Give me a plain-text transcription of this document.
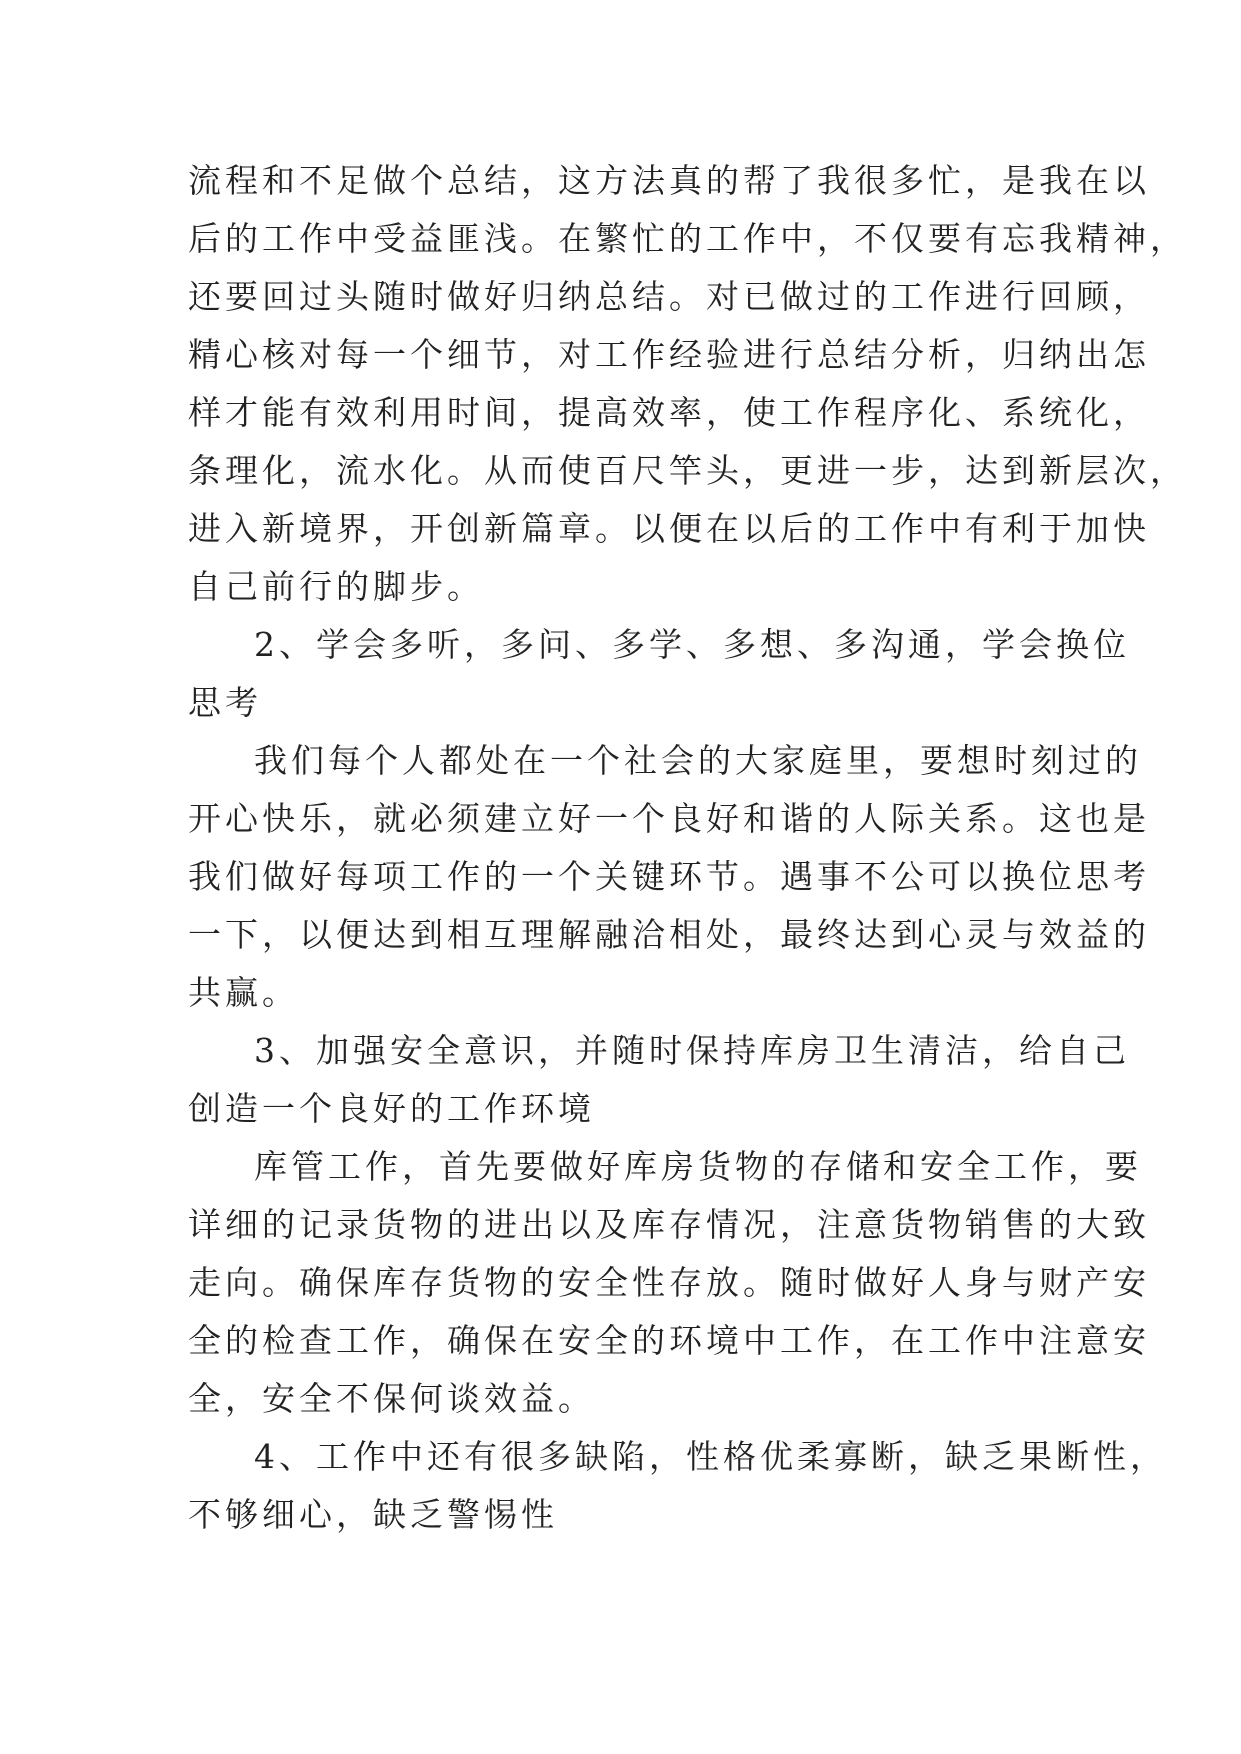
流程和不足做个总结，这方法真的帮了我很多忙，是我在以
后的工作中受益匪浅。在繁忙的工作中，不仅要有忘我精神，
还要回过头随时做好归纳总结。对已做过的工作进行回顾，
精心核对每一个细节，对工作经验进行总结分析，归纳出怎
样才能有效利用时间，提高效率，使工作程序化、系统化，
条理化，流水化。从而使百尺竿头，更进一步，达到新层次，
进入新境界，开创新篇章。以便在以后的工作中有利于加快
自己前行的脚步。
2、学会多听，多问、多学、多想、多沟通，学会换位
思考
我们每个人都处在一个社会的大家庭里，要想时刻过的
开心快乐，就必须建立好一个良好和谐的人际关系。这也是
我们做好每项工作的一个关键环节。遇事不公可以换位思考
一下，以便达到相互理解融洽相处，最终达到心灵与效益的
共赢。
3、加强安全意识，并随时保持库房卫生清洁，给自己
创造一个良好的工作环境
库管工作，首先要做好库房货物的存储和安全工作，要
详细的记录货物的进出以及库存情况，注意货物销售的大致
走向。确保库存货物的安全性存放。随时做好人身与财产安
全的检查工作，确保在安全的环境中工作，在工作中注意安
全，安全不保何谈效益。
4、工作中还有很多缺陷，性格优柔寡断，缺乏果断性，
不够细心，缺乏警惕性
